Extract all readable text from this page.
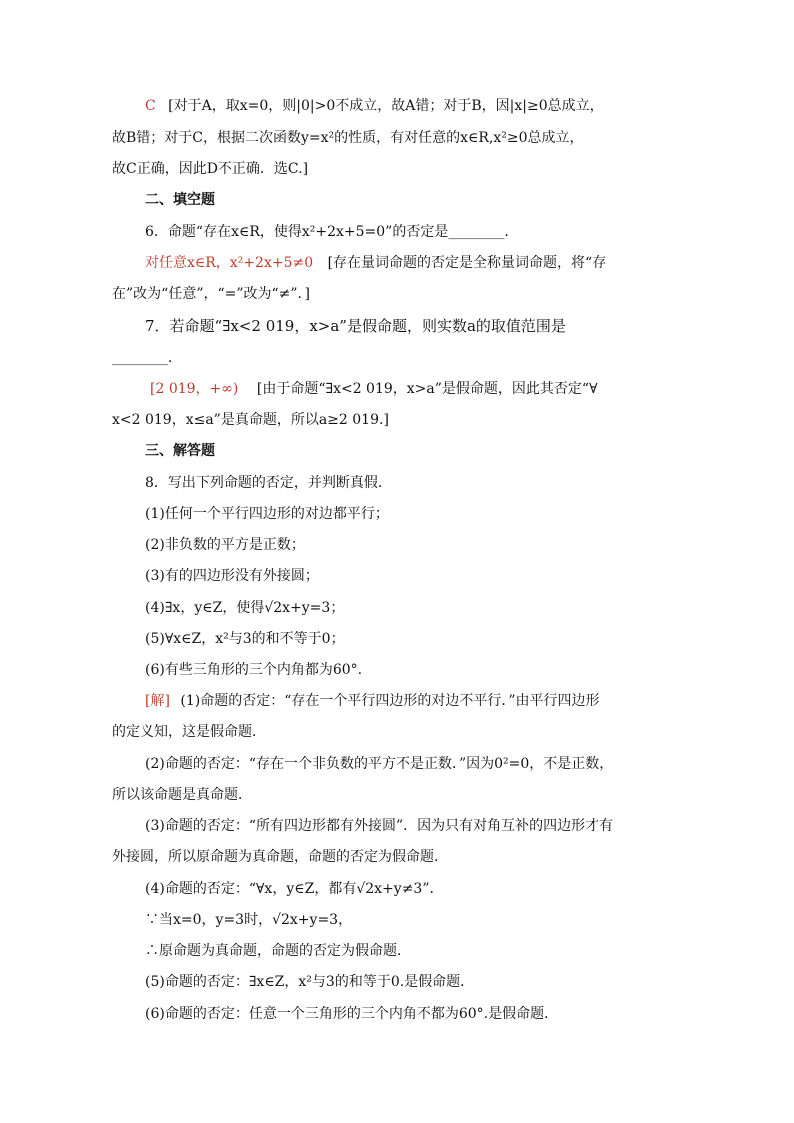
C [对于A，取x=0，则|0|>0不成立，故A错；对于B，因|x|≥0总成立，
故B错；对于C，根据二次函数y=x²的性质，有对任意的x∈R,x²≥0总成立，
故C正确，因此D不正确．选C.]
二、填空题
6．命题“存在x∈R，使得x²+2x+5=0”的否定是________．
对任意x∈R，x²+2x+5≠0 [存在量词命题的否定是全称量词命题，将“存
在”改为“任意”，“=”改为“≠”．]
7．若命题“∃x<2 019，x>a”是假命题，则实数a的取值范围是
________．
[2 019，+∞) [由于命题“∃x<2 019，x>a”是假命题，因此其否定“∀
x<2 019，x≤a”是真命题，所以a≥2 019.]
三、解答题
8．写出下列命题的否定，并判断真假．
(1)任何一个平行四边形的对边都平行；
(2)非负数的平方是正数；
(3)有的四边形没有外接圆；
(4)∃x，y∈Z，使得√2x+y=3；
(5)∀x∈Z，x²与3的和不等于0；
(6)有些三角形的三个内角都为60°.
[解] (1)命题的否定：“存在一个平行四边形的对边不平行．”由平行四边形
的定义知，这是假命题．
(2)命题的否定：“存在一个非负数的平方不是正数．”因为0²=0，不是正数，
所以该命题是真命题．
(3)命题的否定：“所有四边形都有外接圆”．因为只有对角互补的四边形才有
外接圆，所以原命题为真命题，命题的否定为假命题．
(4)命题的否定：“∀x，y∈Z，都有√2x+y≠3”．
∵当x=0，y=3时，√2x+y=3，
∴原命题为真命题，命题的否定为假命题．
(5)命题的否定：∃x∈Z，x²与3的和等于0.是假命题．
(6)命题的否定：任意一个三角形的三个内角不都为60°.是假命题．
